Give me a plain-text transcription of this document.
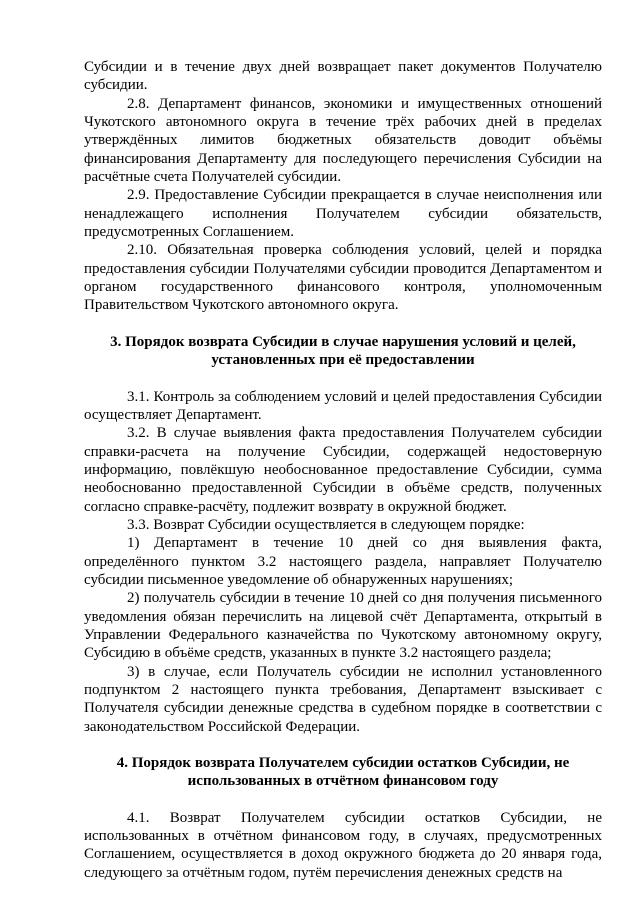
Субсидии и в течение двух дней возвращает пакет документов Получателю субсидии.

2.8. Департамент финансов, экономики и имущественных отношений Чукотского автономного округа в течение трёх рабочих дней в пределах утверждённых лимитов бюджетных обязательств доводит объёмы финансирования Департаменту для последующего перечисления Субсидии на расчётные счета Получателей субсидии.

2.9. Предоставление Субсидии прекращается в случае неисполнения или ненадлежащего исполнения Получателем субсидии обязательств, предусмотренных Соглашением.

2.10. Обязательная проверка соблюдения условий, целей и порядка предоставления субсидии Получателями субсидии проводится Департаментом и органом государственного финансового контроля, уполномоченным Правительством Чукотского автономного округа.

3. Порядок возврата Субсидии в случае нарушения условий и целей,
установленных при её предоставлении

3.1. Контроль за соблюдением условий и целей предоставления Субсидии осуществляет Департамент.

3.2. В случае выявления факта предоставления Получателем субсидии справки-расчета на получение Субсидии, содержащей недостоверную информацию, повлёкшую необоснованное предоставление Субсидии, сумма необоснованно предоставленной Субсидии в объёме средств, полученных согласно справке-расчёту, подлежит возврату в окружной бюджет.

3.3. Возврат Субсидии осуществляется в следующем порядке:

1) Департамент в течение 10 дней со дня выявления факта, определённого пунктом 3.2 настоящего раздела, направляет Получателю субсидии письменное уведомление об обнаруженных нарушениях;

2) получатель субсидии в течение 10 дней со дня получения письменного уведомления обязан перечислить на лицевой счёт Департамента, открытый в Управлении Федерального казначейства по Чукотскому автономному округу, Субсидию в объёме средств, указанных в пункте 3.2 настоящего раздела;

3) в случае, если Получатель субсидии не исполнил установленного подпунктом 2 настоящего пункта требования, Департамент взыскивает с Получателя субсидии денежные средства в судебном порядке в соответствии с законодательством Российской Федерации.

4. Порядок возврата Получателем субсидии остатков Субсидии, не
использованных в отчётном финансовом году

4.1. Возврат Получателем субсидии остатков Субсидии, не использованных в отчётном финансовом году, в случаях, предусмотренных Соглашением, осуществляется в доход окружного бюджета до 20 января года, следующего за отчётным годом, путём перечисления денежных средств на
